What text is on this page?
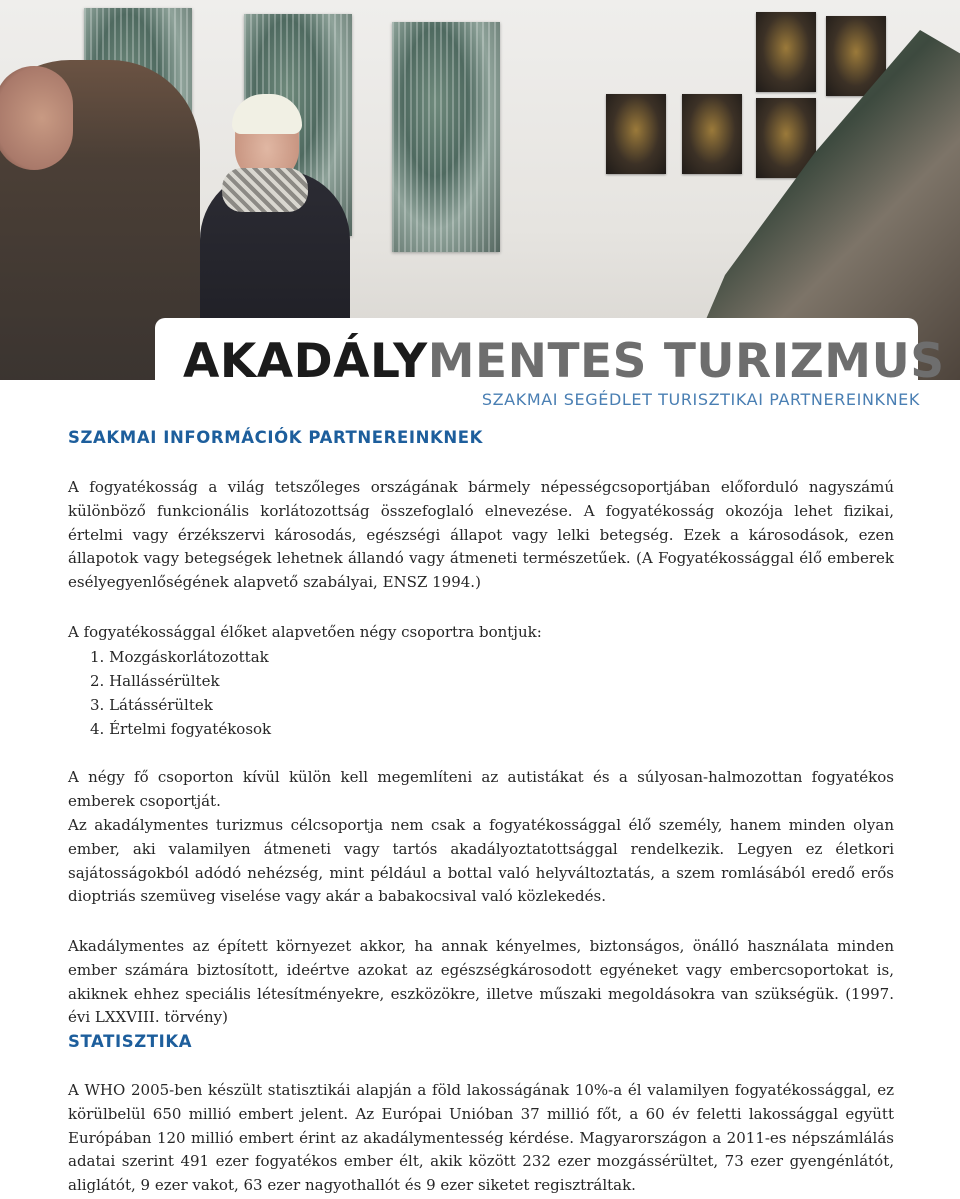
AKADÁLYMENTES TURIZMUS
SZAKMAI SEGÉDLET TURISZTIKAI PARTNEREINKNEK
SZAKMAI INFORMÁCIÓK PARTNEREINKNEK

A fogyatékosság a világ tetszőleges országának bármely népességcsoportjában előforduló nagyszámú különböző funkcionális korlátozottság összefoglaló elnevezése. A fogyatékosság okozója lehet fizikai, értelmi vagy érzékszervi károsodás, egészségi állapot vagy lelki betegség. Ezek a károsodások, ezen állapotok vagy betegségek lehetnek állandó vagy átmeneti természetűek. (A Fogyatékossággal élő emberek esélyegyenlőségének alapvető szabályai, ENSZ 1994.)

A fogyatékossággal élőket alapvetően négy csoportra bontjuk:

1. Mozgáskorlátozottak
2. Hallássérültek
3. Látássérültek
4. Értelmi fogyatékosok

A négy fő csoporton kívül külön kell megemlíteni az autistákat és a súlyosan-halmozottan fogyatékos emberek csoportját.

Az akadálymentes turizmus célcsoportja nem csak a fogyatékossággal élő személy, hanem minden olyan ember, aki valamilyen átmeneti vagy tartós akadályoztatottsággal rendelkezik. Legyen ez életkori sajátosságokból adódó nehézség, mint például a bottal való helyváltoztatás, a szem romlásából eredő erős dioptriás szemüveg viselése vagy akár a babakocsival való közlekedés.

Akadálymentes az épített környezet akkor, ha annak kényelmes, biztonságos, önálló használata minden ember számára biztosított, ideértve azokat az egészségkárosodott egyéneket vagy embercsoportokat is, akiknek ehhez speciális létesítményekre, eszközökre, illetve műszaki megoldásokra van szükségük. (1997. évi LXXVIII. törvény)

STATISZTIKA

A WHO 2005-ben készült statisztikái alapján a föld lakosságának 10%-a él valamilyen fogyatékossággal, ez körülbelül 650 millió embert jelent. Az Európai Unióban 37 millió főt, a 60 év feletti lakossággal együtt Európában 120 millió embert érint az akadálymentesség kérdése. Magyarországon a 2011-es népszámlálás adatai szerint 491 ezer fogyatékos ember élt, akik között 232 ezer mozgássérültet, 73 ezer gyengénlátót, aliglátót, 9 ezer vakot, 63 ezer nagyothallót és 9 ezer siketet regisztráltak.
